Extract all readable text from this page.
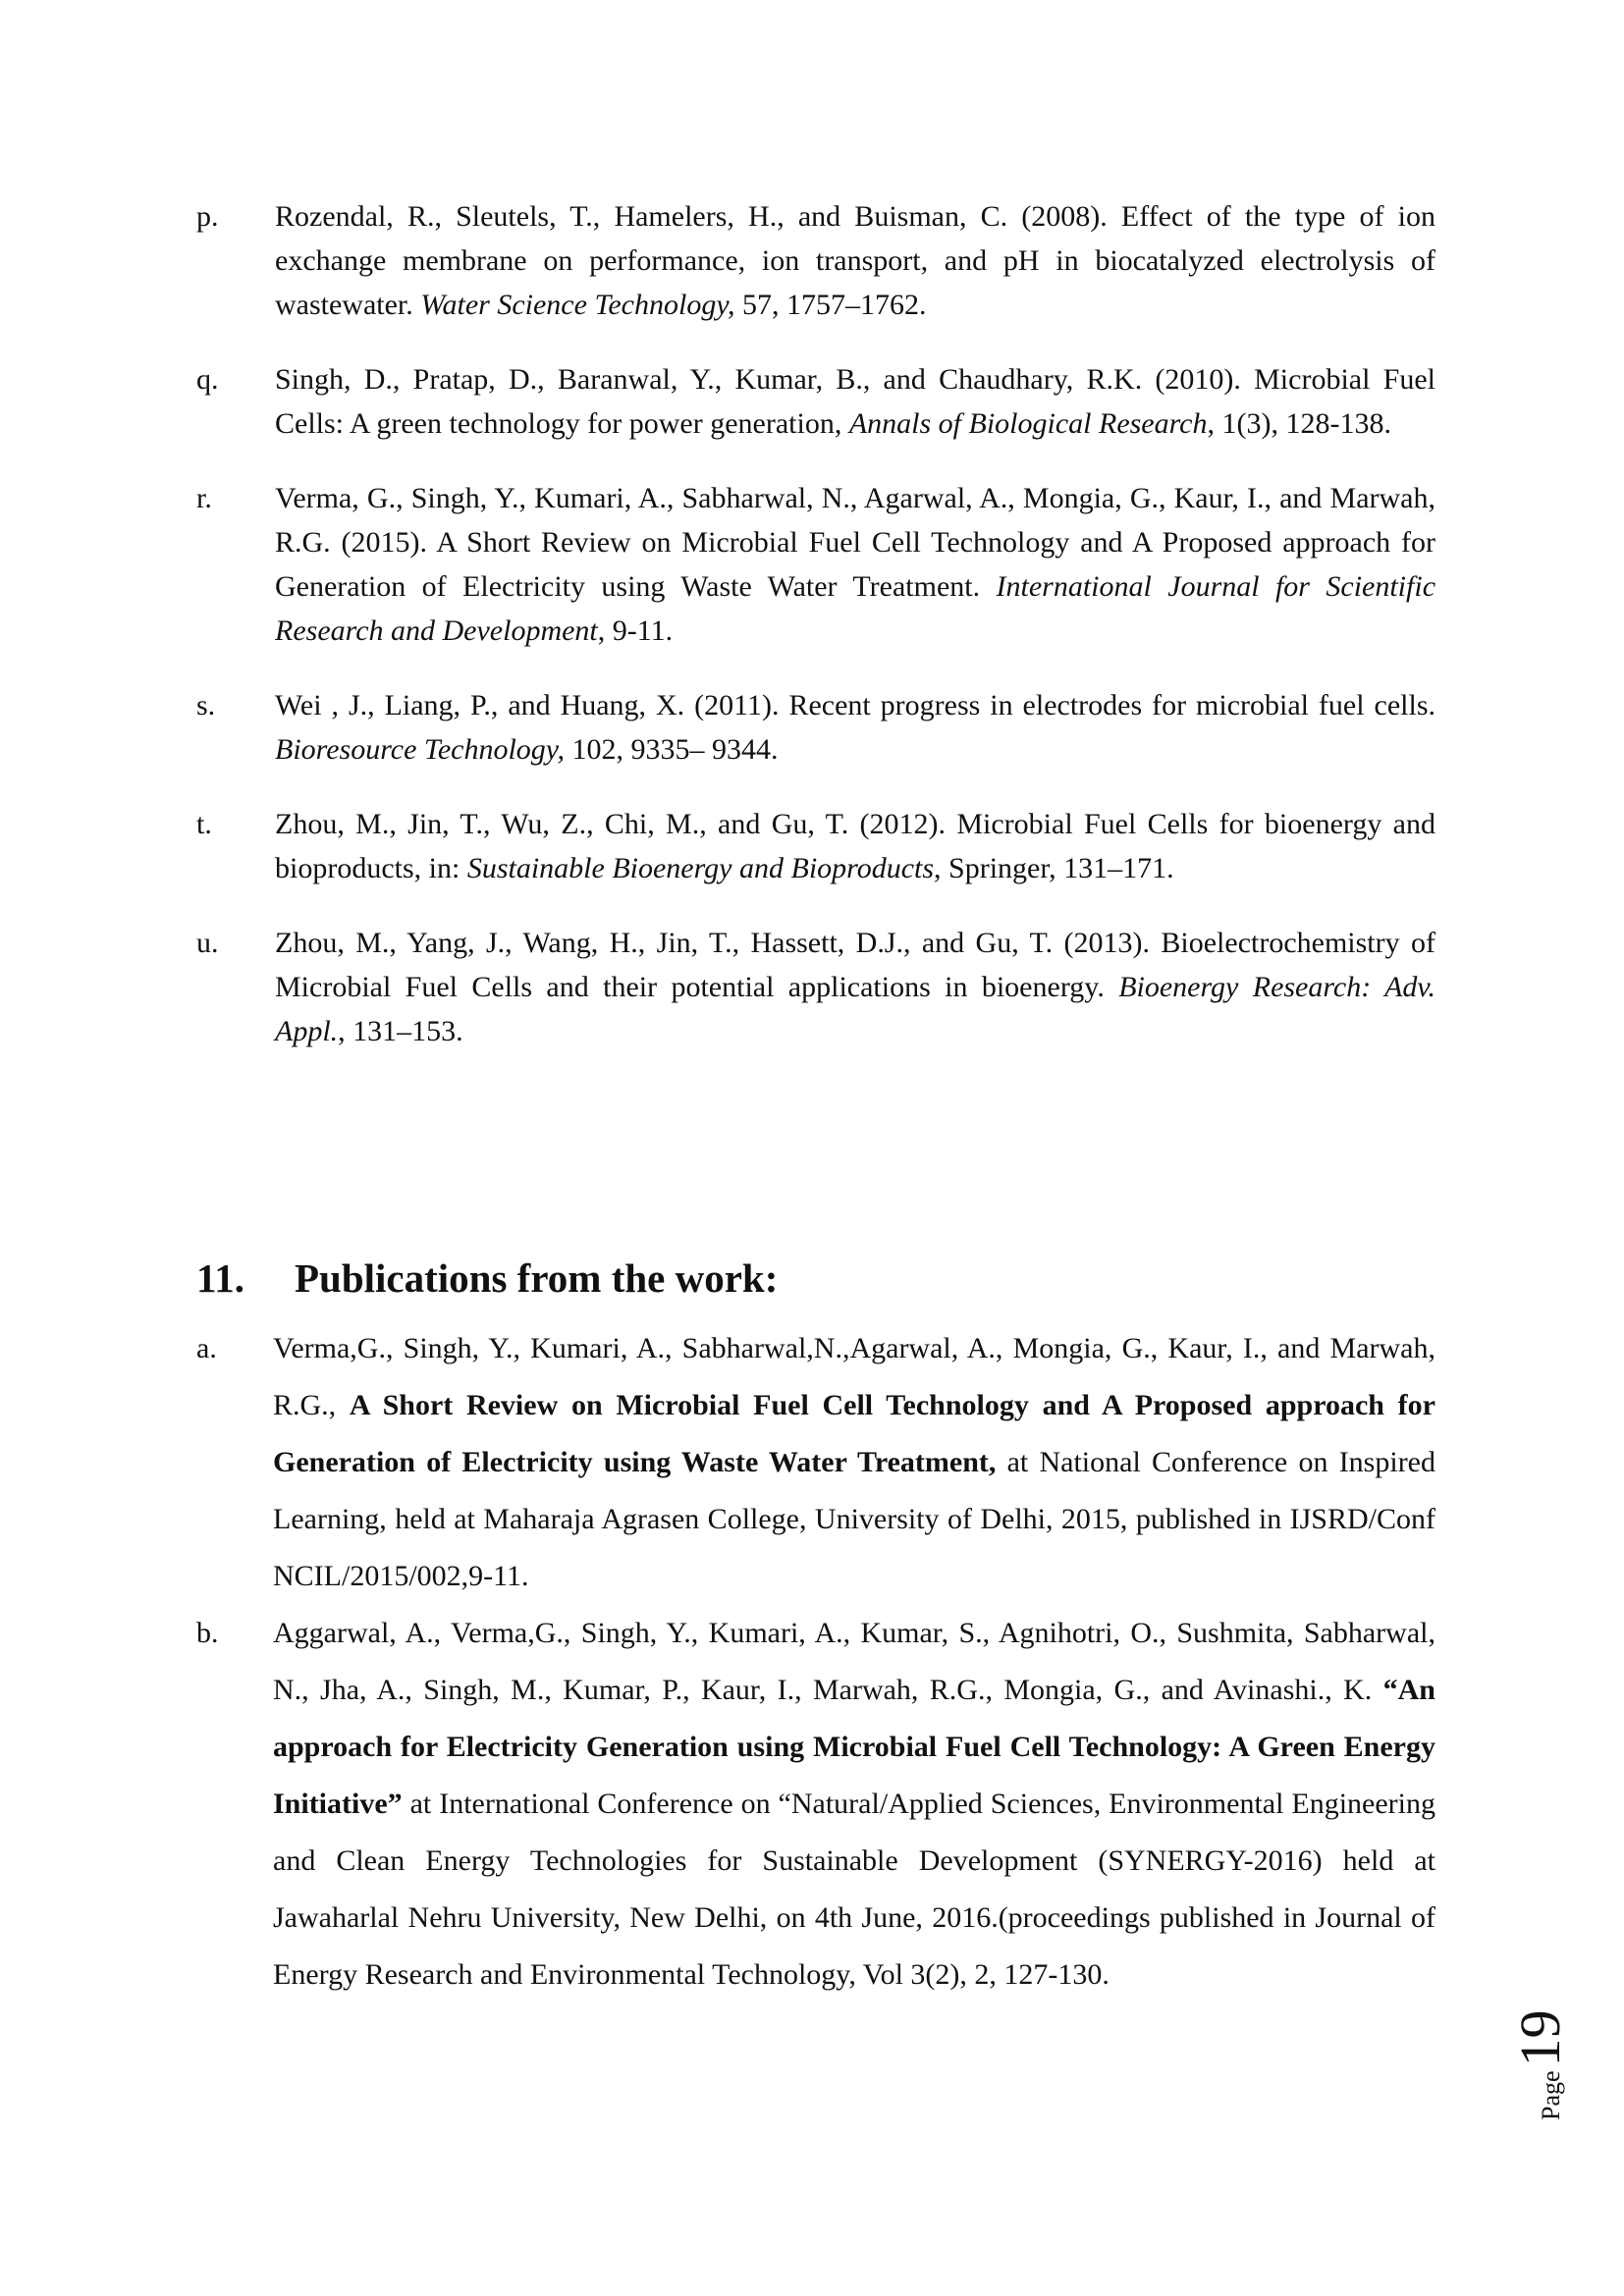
p.	Rozendal, R., Sleutels, T., Hamelers, H., and Buisman, C. (2008). Effect of the type of ion exchange membrane on performance, ion transport, and pH in biocatalyzed electrolysis of wastewater. Water Science Technology, 57, 1757–1762.
q.	Singh, D., Pratap, D., Baranwal, Y., Kumar, B., and Chaudhary, R.K. (2010). Microbial Fuel Cells: A green technology for power generation, Annals of Biological Research, 1(3), 128-138.
r.	Verma, G., Singh, Y., Kumari, A., Sabharwal, N., Agarwal, A., Mongia, G., Kaur, I., and Marwah, R.G. (2015). A Short Review on Microbial Fuel Cell Technology and A Proposed approach for Generation of Electricity using Waste Water Treatment. International Journal for Scientific Research and Development, 9-11.
s.	Wei , J., Liang, P., and Huang, X. (2011). Recent progress in electrodes for microbial fuel cells. Bioresource Technology, 102, 9335– 9344.
t.	Zhou, M., Jin, T., Wu, Z., Chi, M., and Gu, T. (2012). Microbial Fuel Cells for bioenergy and bioproducts, in: Sustainable Bioenergy and Bioproducts, Springer, 131–171.
u.	Zhou, M., Yang, J., Wang, H., Jin, T., Hassett, D.J., and Gu, T. (2013). Bioelectrochemistry of Microbial Fuel Cells and their potential applications in bioenergy. Bioenergy Research: Adv. Appl., 131–153.
11.	Publications from the work:
a.	Verma,G., Singh, Y., Kumari, A., Sabharwal,N.,Agarwal, A., Mongia, G., Kaur, I., and Marwah, R.G., A Short Review on Microbial Fuel Cell Technology and A Proposed approach for Generation of Electricity using Waste Water Treatment, at National Conference on Inspired Learning, held at Maharaja Agrasen College, University of Delhi, 2015, published in IJSRD/Conf NCIL/2015/002,9-11.
b.	Aggarwal, A., Verma,G., Singh, Y., Kumari, A., Kumar, S., Agnihotri, O., Sushmita, Sabharwal, N., Jha, A., Singh, M., Kumar, P., Kaur, I., Marwah, R.G., Mongia, G., and Avinashi., K. “An approach for Electricity Generation using Microbial Fuel Cell Technology: A Green Energy Initiative” at International Conference on “Natural/Applied Sciences, Environmental Engineering and Clean Energy Technologies for Sustainable Development (SYNERGY-2016) held at Jawaharlal Nehru University, New Delhi, on 4th June, 2016.(proceedings published in Journal of Energy Research and Environmental Technology, Vol 3(2), 2, 127-130.
Page
19
